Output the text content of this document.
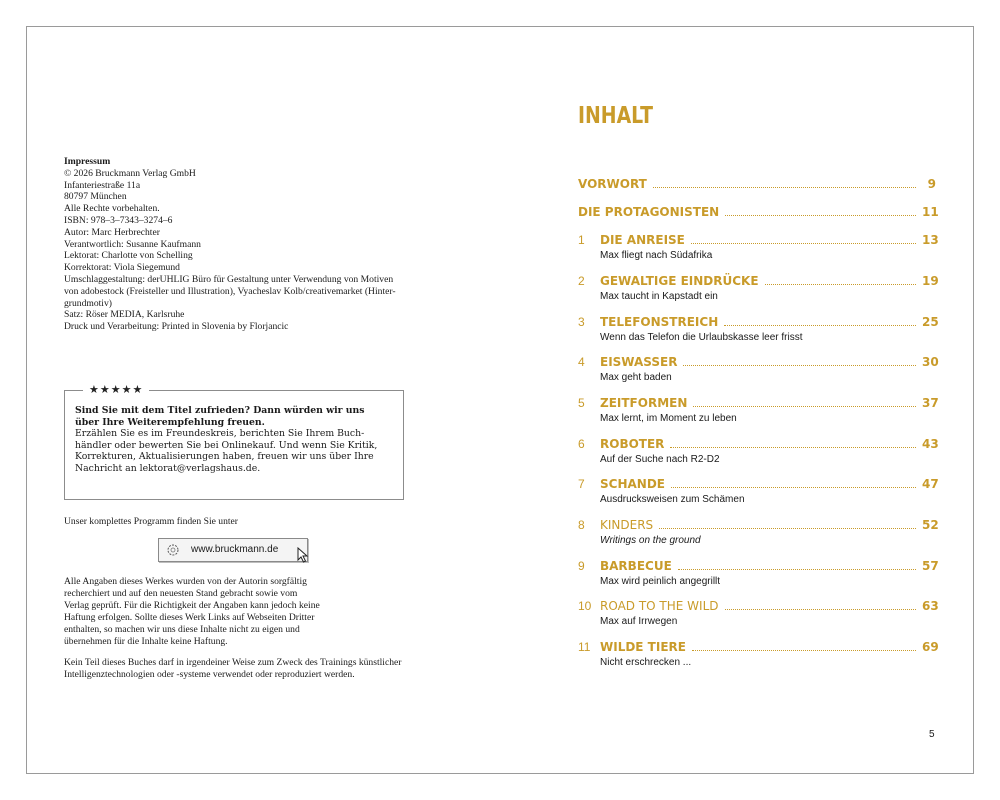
Impressum

© 2026 Bruckmann Verlag GmbH
Infanteriestraße 11a
80797 München

Alle Rechte vorbehalten.
ISBN: 978–3–7343–3274–6

Autor: Marc Herbrechter
Verantwortlich: Susanne Kaufmann
Lektorat: Charlotte von Schelling
Korrektorat: Viola Siegemund
Umschlaggestaltung: derUHLIG Büro für Gestaltung unter Verwendung von Motiven
von adobestock (Freisteller und Illustration), Vyacheslav Kolb/creativemarket (Hinter-
grundmotiv)
Satz: Röser MEDIA, Karlsruhe
Druck und Verarbeitung: Printed in Slovenia by Florjancic

★★★★★
Sind Sie mit dem Titel zufrieden? Dann würden wir uns
über Ihre Weiterempfehlung freuen.
Erzählen Sie es im Freundeskreis, berichten Sie Ihrem Buch-
händler oder bewerten Sie bei Onlinekauf. Und wenn Sie Kritik,
Korrekturen, Aktualisierungen haben, freuen wir uns über Ihre
Nachricht an lektorat@verlagshaus.de.
Unser komplettes Programm finden Sie unter
www.bruckmann.de

Alle Angaben dieses Werkes wurden von der Autorin sorgfältig
recherchiert und auf den neuesten Stand gebracht sowie vom
Verlag geprüft. Für die Richtigkeit der Angaben kann jedoch keine
Haftung erfolgen. Sollte dieses Werk Links auf Webseiten Dritter
enthalten, so machen wir uns diese Inhalte nicht zu eigen und
übernehmen für die Inhalte keine Haftung.

Kein Teil dieses Buches darf in irgendeiner Weise zum Zweck des Trainings künstlicher
Intelligenztechnologien oder -systeme verwendet oder reproduziert werden.

INHALT
VORWORT	9
DIE PROTAGONISTEN	11
1	DIE ANREISE	13
Max fliegt nach Südafrika
2	GEWALTIGE EINDRÜCKE	19
Max taucht in Kapstadt ein
3	TELEFONSTREICH	25
Wenn das Telefon die Urlaubskasse leer frisst
4	EISWASSER	30
Max geht baden
5	ZEITFORMEN	37
Max lernt, im Moment zu leben
6	ROBOTER	43
Auf der Suche nach R2-D2
7	SCHANDE	47
Ausdrucksweisen zum Schämen
8	KINDERS	52
Writings on the ground
9	BARBECUE	57
Max wird peinlich angegrillt
10 ROAD TO THE WILD	63
Max auf Irrwegen
11 WILDE TIERE	69
Nicht erschrecken ...
5
